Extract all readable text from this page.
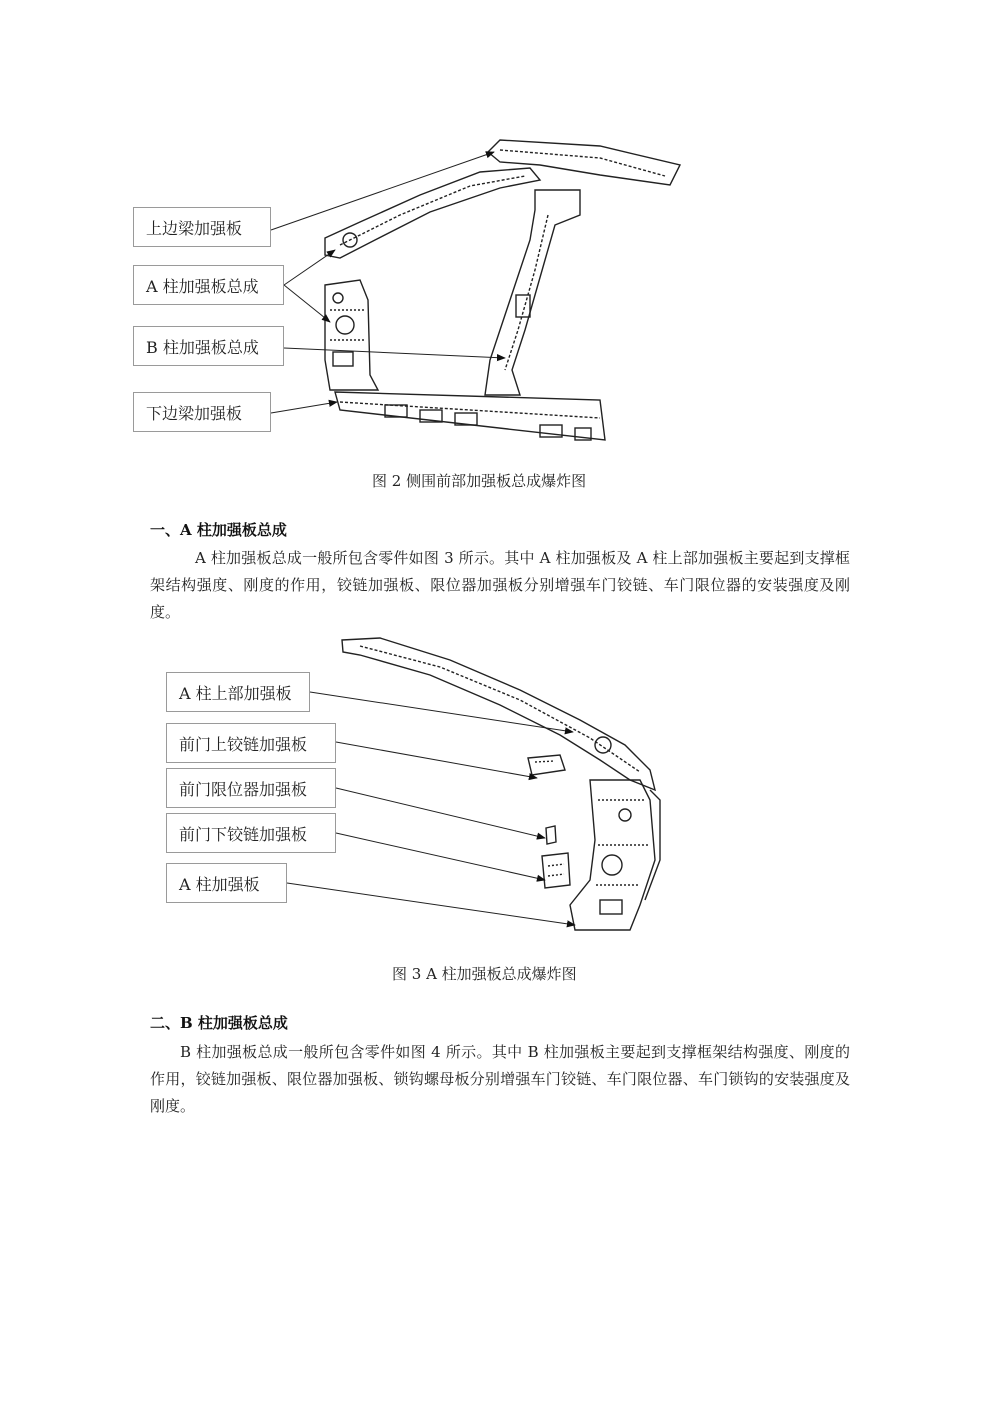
上边梁加强板
A 柱加强板总成
B 柱加强板总成
下边梁加强板
图 2 侧围前部加强板总成爆炸图
一、A 柱加强板总成
A 柱加强板总成一般所包含零件如图 3 所示。其中 A 柱加强板及 A 柱上部加强板主要起到支撑框架结构强度、刚度的作用，铰链加强板、限位器加强板分别增强车门铰链、车门限位器的安装强度及刚度。
A 柱上部加强板
前门上铰链加强板
前门限位器加强板
前门下铰链加强板
A 柱加强板
图 3 A 柱加强板总成爆炸图
二、B 柱加强板总成
B 柱加强板总成一般所包含零件如图 4 所示。其中 B 柱加强板主要起到支撑框架结构强度、刚度的作用，铰链加强板、限位器加强板、锁钩螺母板分别增强车门铰链、车门限位器、车门锁钩的安装强度及刚度。
